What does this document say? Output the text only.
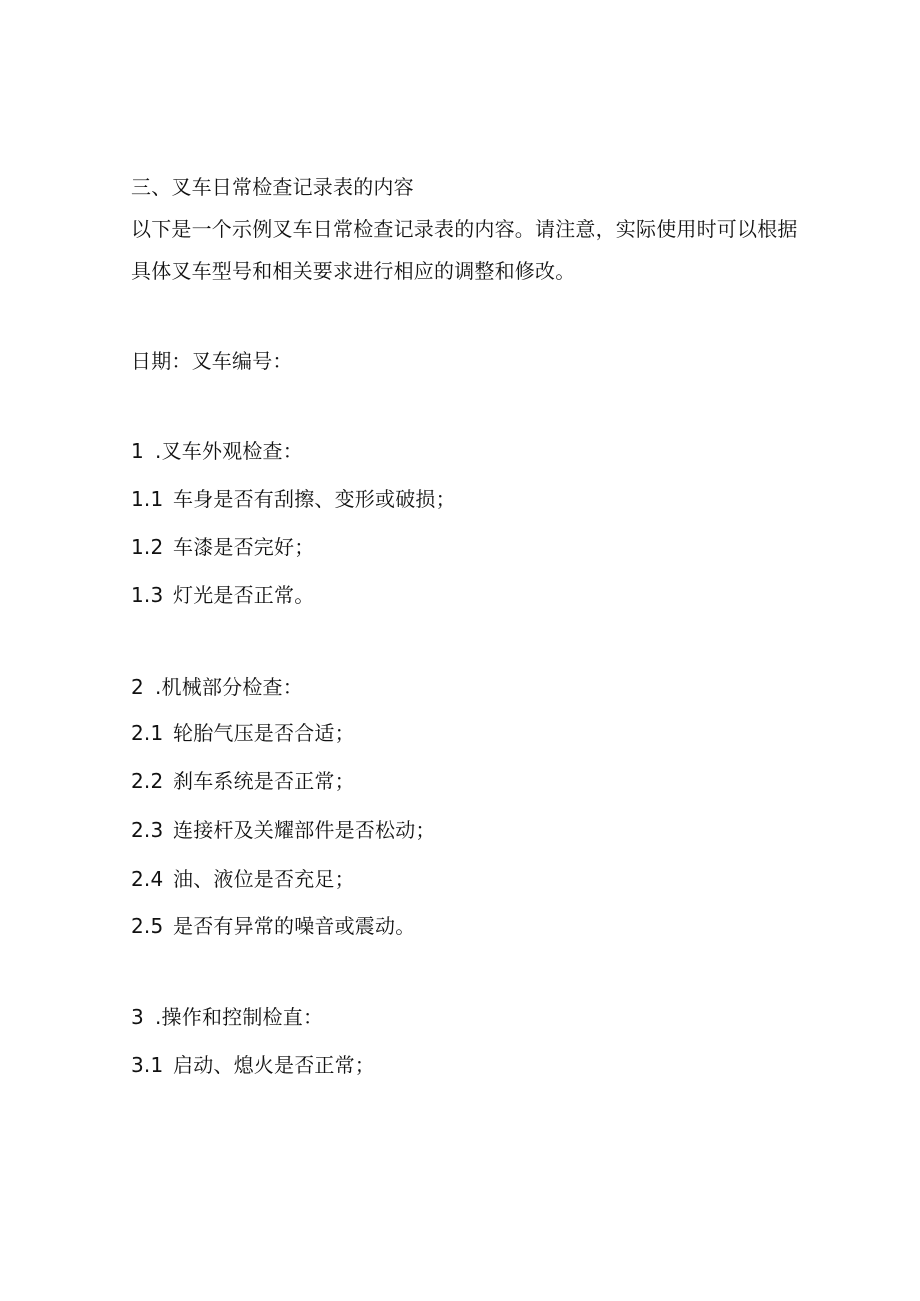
三、叉车日常检查记录表的内容
以下是一个示例叉车日常检查记录表的内容。请注意，实际使用时可以根据
具体叉车型号和相关要求进行相应的调整和修改。
日期：叉车编号：
1 .叉车外观检查：
1.1 车身是否有刮擦、变形或破损；
1.2 车漆是否完好；
1.3 灯光是否正常。
2 .机械部分检查：
2.1 轮胎气压是否合适；
2.2 刹车系统是否正常；
2.3 连接杆及关耀部件是否松动；
2.4 油、液位是否充足；
2.5 是否有异常的噪音或震动。
3 .操作和控制检直：
3.1 启动、熄火是否正常；
